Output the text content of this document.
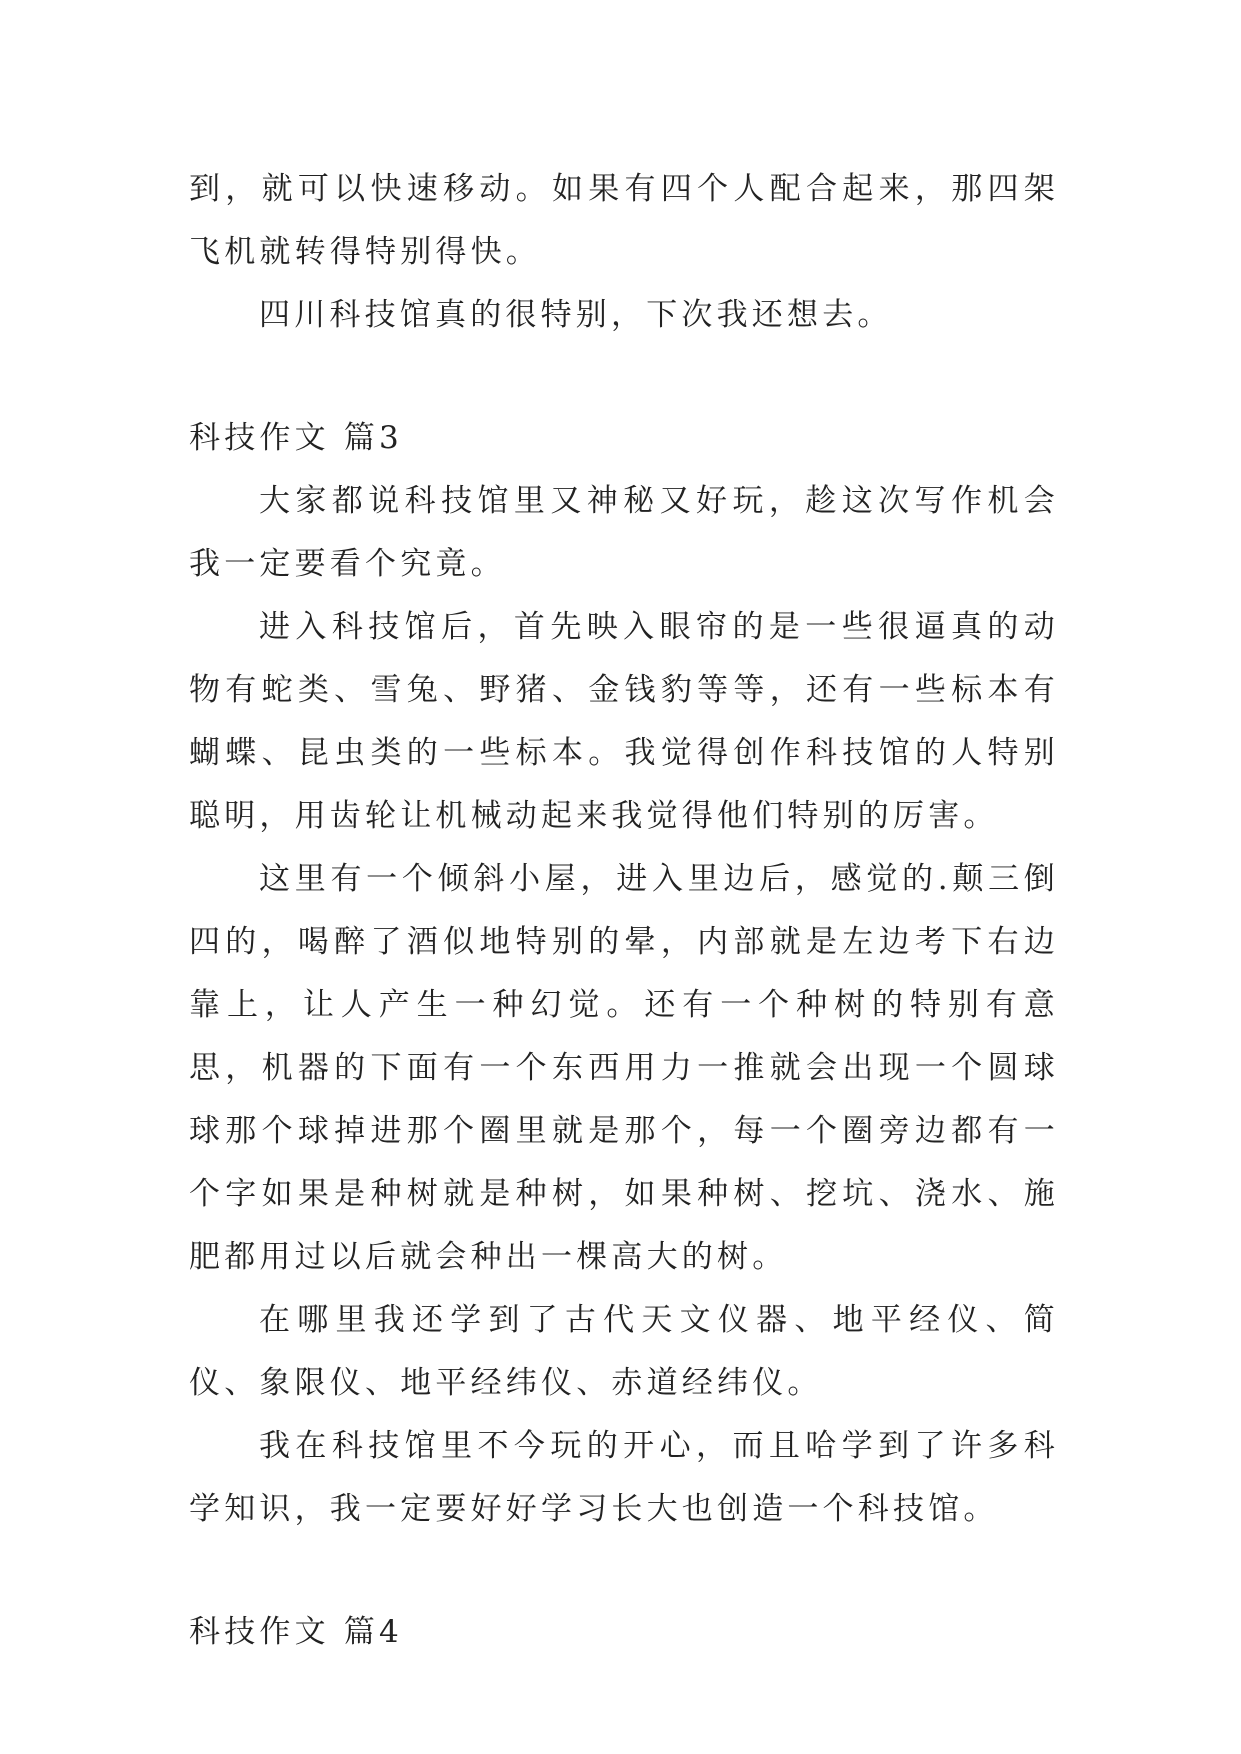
到，就可以快速移动。如果有四个人配合起来，那四架飞机就转得特别得快。

四川科技馆真的很特别，下次我还想去。

科技作文 篇3

大家都说科技馆里又神秘又好玩，趁这次写作机会我一定要看个究竟。

进入科技馆后，首先映入眼帘的是一些很逼真的动物有蛇类、雪兔、野猪、金钱豹等等，还有一些标本有蝴蝶、昆虫类的一些标本。我觉得创作科技馆的人特别聪明，用齿轮让机械动起来我觉得他们特别的厉害。

这里有一个倾斜小屋，进入里边后，感觉的.颠三倒四的，喝醉了酒似地特别的晕，内部就是左边考下右边靠上，让人产生一种幻觉。还有一个种树的特别有意思，机器的下面有一个东西用力一推就会出现一个圆球球那个球掉进那个圈里就是那个，每一个圈旁边都有一个字如果是种树就是种树，如果种树、挖坑、浇水、施肥都用过以后就会种出一棵高大的树。

在哪里我还学到了古代天文仪器、地平经仪、简仪、象限仪、地平经纬仪、赤道经纬仪。

我在科技馆里不今玩的开心，而且哈学到了许多科学知识，我一定要好好学习长大也创造一个科技馆。

科技作文 篇4
